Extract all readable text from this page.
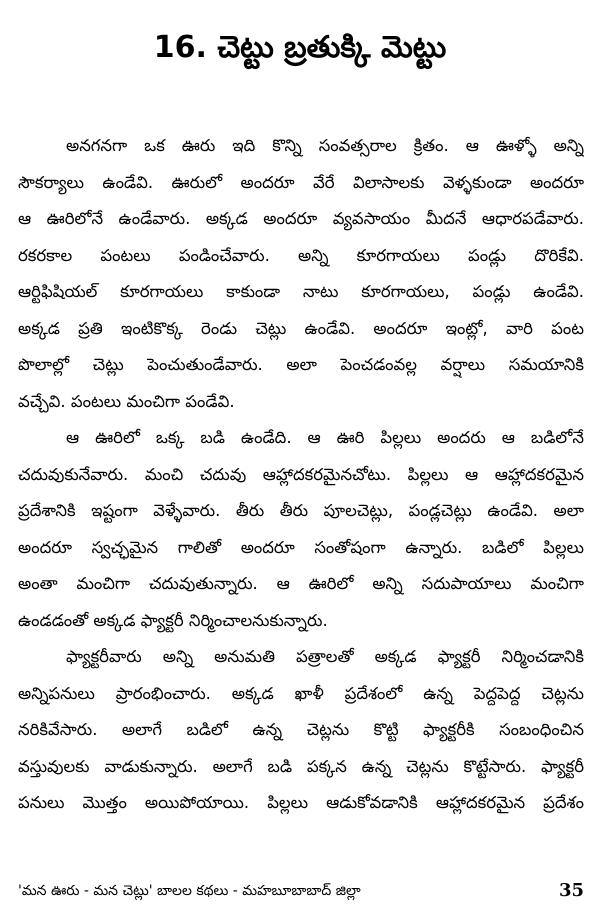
16. చెట్టు బ్రతుక్కి మెట్టు
అనగనగా ఒక ఊరు ఇది కొన్ని సంవత్సరాల క్రితం. ఆ ఊళ్ళో అన్ని
సౌకర్యాలు ఉండేవి. ఊరులో అందరూ వేరే విలాసాలకు వెళ్ళకుండా అందరూ
ఆ ఊరిలోనే ఉండేవారు. అక్కడ అందరూ వ్యవసాయం మీదనే ఆధారపడేవారు.
రకరకాల పంటలు పండించేవారు. అన్ని కూరగాయలు పండ్లు దొరికేవి.
ఆర్టిఫిషియల్ కూరగాయలు కాకుండా నాటు కూరగాయలు, పండ్లు ఉండేవి.
అక్కడ ప్రతి ఇంటికొక్క రెండు చెట్లు ఉండేవి. అందరూ ఇంట్లో, వారి పంట
పొలాల్లో చెట్లు పెంచుతుండేవారు. అలా పెంచడంవల్ల వర్షాలు సమయానికి
వచ్చేవి. పంటలు మంచిగా పండేవి.
ఆ ఊరిలో ఒక్క బడి ఉండేది. ఆ ఊరి పిల్లలు అందరు ఆ బడిలోనే
చదువుకునేవారు. మంచి చదువు ఆహ్లాదకరమైనచోటు. పిల్లలు ఆ ఆహ్లాదకరమైన
ప్రదేశానికి ఇష్టంగా వెళ్ళేవారు. తీరు తీరు పూలచెట్లు, పండ్లచెట్లు ఉండేవి. అలా
అందరూ స్వచ్ఛమైన గాలితో అందరూ సంతోషంగా ఉన్నారు. బడిలో పిల్లలు
అంతా మంచిగా చదువుతున్నారు. ఆ ఊరిలో అన్ని సదుపాయాలు మంచిగా
ఉండడంతో అక్కడ ఫ్యాక్టరీ నిర్మించాలనుకున్నారు.
ఫ్యాక్టరీవారు అన్ని అనుమతి పత్రాలతో అక్కడ ఫ్యాక్టరీ నిర్మించడానికి
అన్నిపనులు ప్రారంభించారు. అక్కడ ఖాళీ ప్రదేశంలో ఉన్న పెద్దపెద్ద చెట్లను
నరికివేసారు. అలాగే బడిలో ఉన్న చెట్లను కొట్టి ఫ్యాక్టరీకి సంబంధించిన
వస్తువులకు వాడుకున్నారు. అలాగే బడి పక్కన ఉన్న చెట్లను కొట్టేసారు. ఫ్యాక్టరీ
పనులు మొత్తం అయిపోయాయి. పిల్లలు ఆడుకోవడానికి ఆహ్లాదకరమైన ప్రదేశం
'మన ఊరు - మన చెట్లు' బాలల కథలు - మహబూబాబాద్ జిల్లా	35
